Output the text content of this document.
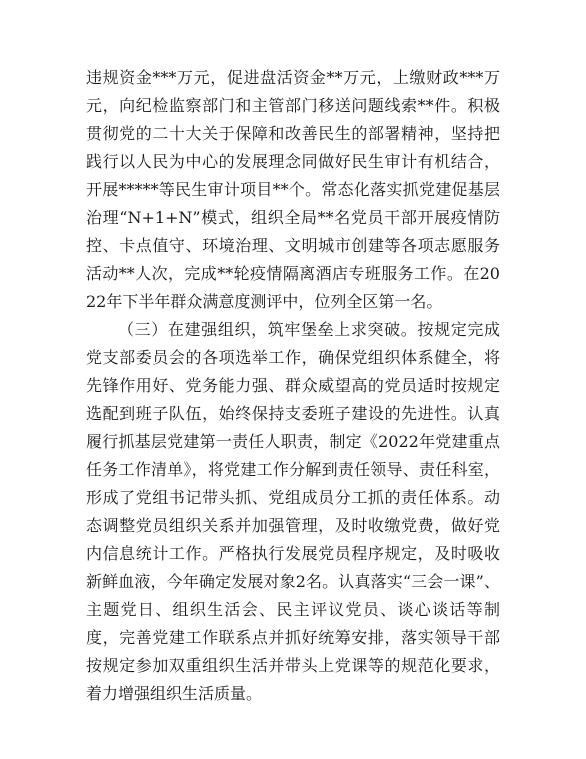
违规资金***万元，促进盘活资金**万元，上缴财政***万元，向纪检监察部门和主管部门移送问题线索**件。积极贯彻党的二十大关于保障和改善民生的部署精神，坚持把践行以人民为中心的发展理念同做好民生审计有机结合，开展*****等民生审计项目**个。常态化落实抓党建促基层治理“N+1+N”模式，组织全局**名党员干部开展疫情防控、卡点值守、环境治理、文明城市创建等各项志愿服务活动**人次，完成**轮疫情隔离酒店专班服务工作。在2022年下半年群众满意度测评中，位列全区第一名。

（三）在建强组织，筑牢堡垒上求突破。按规定完成党支部委员会的各项选举工作，确保党组织体系健全，将先锋作用好、党务能力强、群众威望高的党员适时按规定选配到班子队伍，始终保持支委班子建设的先进性。认真履行抓基层党建第一责任人职责，制定《2022年党建重点任务工作清单》，将党建工作分解到责任领导、责任科室，形成了党组书记带头抓、党组成员分工抓的责任体系。动态调整党员组织关系并加强管理，及时收缴党费，做好党内信息统计工作。严格执行发展党员程序规定，及时吸收新鲜血液，今年确定发展对象2名。认真落实“三会一课”、主题党日、组织生活会、民主评议党员、谈心谈话等制度，完善党建工作联系点并抓好统筹安排，落实领导干部按规定参加双重组织生活并带头上党课等的规范化要求，着力增强组织生活质量。
